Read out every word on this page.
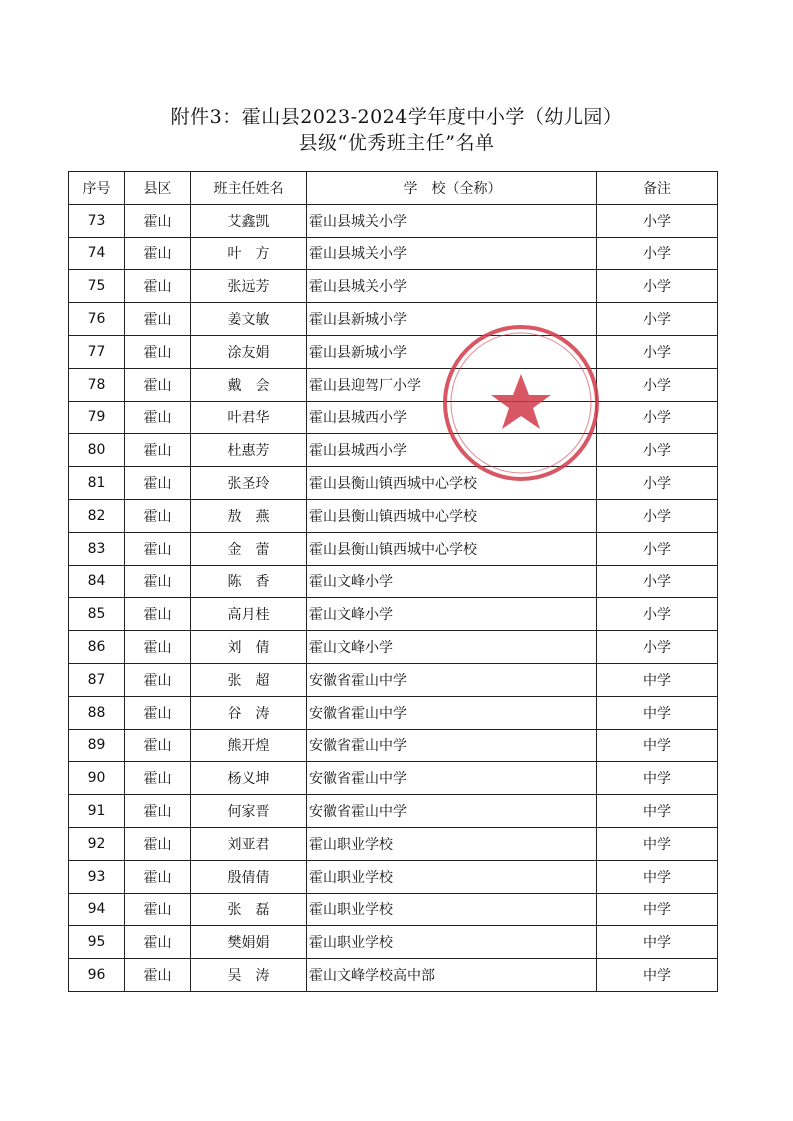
附件3：霍山县2023-2024学年度中小学（幼儿园）
县级“优秀班主任”名单
序号	县区	班主任姓名	学　校（全称）	备注
73	霍山	艾鑫凯	霍山县城关小学	小学
74	霍山	叶　方	霍山县城关小学	小学
75	霍山	张远芳	霍山县城关小学	小学
76	霍山	姜文敏	霍山县新城小学	小学
77	霍山	涂友娟	霍山县新城小学	小学
78	霍山	戴　会	霍山县迎驾厂小学	小学
79	霍山	叶君华	霍山县城西小学	小学
80	霍山	杜惠芳	霍山县城西小学	小学
81	霍山	张圣玲	霍山县衡山镇西城中心学校	小学
82	霍山	敖　燕	霍山县衡山镇西城中心学校	小学
83	霍山	金　蕾	霍山县衡山镇西城中心学校	小学
84	霍山	陈　香	霍山文峰小学	小学
85	霍山	高月桂	霍山文峰小学	小学
86	霍山	刘　倩	霍山文峰小学	小学
87	霍山	张　超	安徽省霍山中学	中学
88	霍山	谷　涛	安徽省霍山中学	中学
89	霍山	熊开煌	安徽省霍山中学	中学
90	霍山	杨义坤	安徽省霍山中学	中学
91	霍山	何家晋	安徽省霍山中学	中学
92	霍山	刘亚君	霍山职业学校	中学
93	霍山	殷倩倩	霍山职业学校	中学
94	霍山	张　磊	霍山职业学校	中学
95	霍山	樊娟娟	霍山职业学校	中学
96	霍山	吴　涛	霍山文峰学校高中部	中学
